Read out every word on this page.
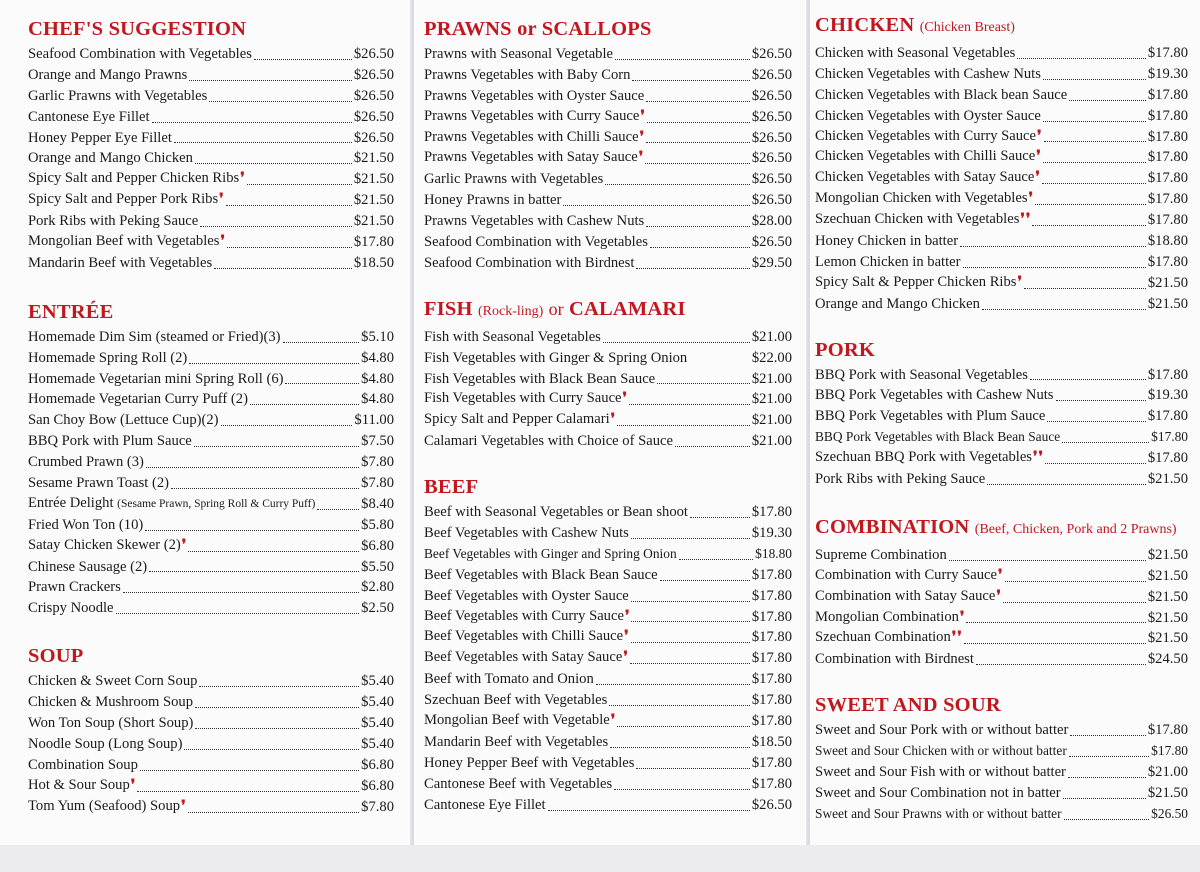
CHEF'S SUGGESTION
Seafood Combination with Vegetables	$26.50
Orange and Mango Prawns	$26.50
Garlic Prawns with Vegetables	$26.50
Cantonese Eye Fillet	$26.50
Honey Pepper Eye Fillet	$26.50
Orange and Mango Chicken	$21.50
Spicy Salt and Pepper Chicken Ribs ❜	$21.50
Spicy Salt and Pepper Pork Ribs ❜	$21.50
Pork Ribs with Peking Sauce	$21.50
Mongolian Beef with Vegetables ❜	$17.80
Mandarin Beef with Vegetables	$18.50
ENTRÉE
Homemade Dim Sim (steamed or Fried)(3)	$5.10
Homemade Spring Roll (2)	$4.80
Homemade Vegetarian mini Spring Roll (6)	$4.80
Homemade Vegetarian Curry Puff (2)	$4.80
San Choy Bow (Lettuce Cup)(2)	$11.00
BBQ Pork with Plum Sauce	$7.50
Crumbed Prawn (3)	$7.80
Sesame Prawn Toast (2)	$7.80
Entrée Delight (Sesame Prawn, Spring Roll & Curry Puff)	$8.40
Fried Won Ton (10)	$5.80
Satay Chicken Skewer (2) ❜	$6.80
Chinese Sausage (2)	$5.50
Prawn Crackers	$2.80
Crispy Noodle	$2.50
SOUP
Chicken & Sweet Corn Soup	$5.40
Chicken & Mushroom Soup	$5.40
Won Ton Soup (Short Soup)	$5.40
Noodle Soup (Long Soup)	$5.40
Combination Soup	$6.80
Hot & Sour Soup ❜	$6.80
Tom Yum (Seafood) Soup ❜	$7.80
PRAWNS or SCALLOPS
Prawns with Seasonal Vegetable	$26.50
Prawns Vegetables with Baby Corn	$26.50
Prawns Vegetables with Oyster Sauce	$26.50
Prawns Vegetables with Curry Sauce ❜	$26.50
Prawns Vegetables with Chilli Sauce ❜	$26.50
Prawns Vegetables with Satay Sauce ❜	$26.50
Garlic Prawns with Vegetables	$26.50
Honey Prawns in batter	$26.50
Prawns Vegetables with Cashew Nuts	$28.00
Seafood Combination with Vegetables	$26.50
Seafood Combination with Birdnest	$29.50
FISH (Rock-ling) or CALAMARI
Fish with Seasonal Vegetables	$21.00
Fish Vegetables with Ginger & Spring Onion	$22.00
Fish Vegetables with Black Bean Sauce	$21.00
Fish Vegetables with Curry Sauce ❜	$21.00
Spicy Salt and Pepper Calamari ❜	$21.00
Calamari Vegetables with Choice of Sauce	$21.00
BEEF
Beef with Seasonal Vegetables or Bean shoot	$17.80
Beef Vegetables with Cashew Nuts	$19.30
Beef Vegetables with Ginger and Spring Onion	$18.80
Beef Vegetables with Black Bean Sauce	$17.80
Beef Vegetables with Oyster Sauce	$17.80
Beef Vegetables with Curry Sauce ❜	$17.80
Beef Vegetables with Chilli Sauce ❜	$17.80
Beef Vegetables with Satay Sauce ❜	$17.80
Beef with Tomato and Onion	$17.80
Szechuan Beef with Vegetables	$17.80
Mongolian Beef with Vegetable ❜	$17.80
Mandarin Beef with Vegetables	$18.50
Honey Pepper Beef with Vegetables	$17.80
Cantonese Beef with Vegetables	$17.80
Cantonese Eye Fillet	$26.50
CHICKEN (Chicken Breast)
Chicken with Seasonal Vegetables	$17.80
Chicken Vegetables with Cashew Nuts	$19.30
Chicken Vegetables with Black bean Sauce	$17.80
Chicken Vegetables with Oyster Sauce	$17.80
Chicken Vegetables with Curry Sauce ❜	$17.80
Chicken Vegetables with Chilli Sauce ❜	$17.80
Chicken Vegetables with Satay Sauce ❜	$17.80
Mongolian Chicken with Vegetables ❜	$17.80
Szechuan Chicken with Vegetables ❜ ❜	$17.80
Honey Chicken in batter	$18.80
Lemon Chicken in batter	$17.80
Spicy Salt & Pepper Chicken Ribs ❜	$21.50
Orange and Mango Chicken	$21.50
PORK
BBQ Pork with Seasonal Vegetables	$17.80
BBQ Pork Vegetables with Cashew Nuts	$19.30
BBQ Pork Vegetables with Plum Sauce	$17.80
BBQ Pork Vegetables with Black Bean Sauce	$17.80
Szechuan BBQ Pork with Vegetables ❜ ❜	$17.80
Pork Ribs with Peking Sauce	$21.50
COMBINATION (Beef, Chicken, Pork and 2 Prawns)
Supreme Combination	$21.50
Combination with Curry Sauce ❜	$21.50
Combination with Satay Sauce ❜	$21.50
Mongolian Combination ❜	$21.50
Szechuan Combination ❜ ❜	$21.50
Combination with Birdnest	$24.50
SWEET AND SOUR
Sweet and Sour Pork with or without batter	$17.80
Sweet and Sour Chicken with or without batter	$17.80
Sweet and Sour Fish with or without batter	$21.00
Sweet and Sour Combination not in batter	$21.50
Sweet and Sour Prawns with or without batter	$26.50
